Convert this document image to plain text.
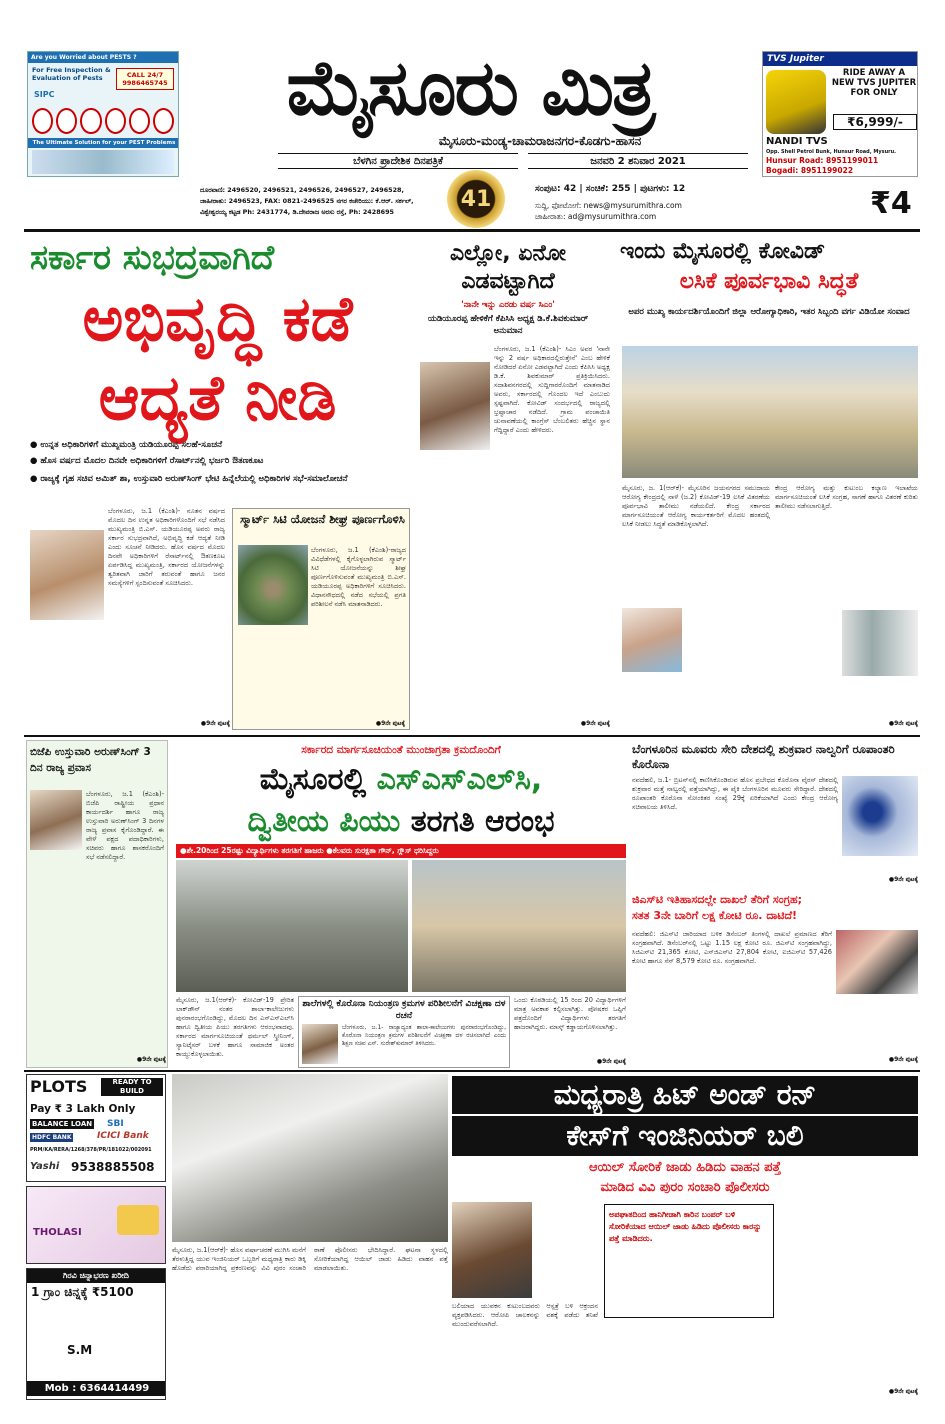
Are you Worried about PESTS ?
For Free Inspection & Evaluation of Pests	CALL 24/7 9986465745
SIPC
The Ultimate Solution for your PEST Problems
ಮೈಸೂರು ಮಿತ್ರ
ಮೈಸೂರು-ಮಂಡ್ಯ-ಚಾಮರಾಜನಗರ-ಕೊಡಗು-ಹಾಸನ
ಬೆಳಗಿನ ಪ್ರಾದೇಶಿಕ ದಿನಪತ್ರಿಕೆ	ಜನವರಿ 2 ಶನಿವಾರ 2021
ದೂರವಾಣಿ: 2496520, 2496521, 2496526, 2496527, 2496528,
ಜಾಹೀರಾತು: 2496523, FAX: 0821-2496525 ನಗರ ಕಚೇರಿಯು: ಕೆ.ಆರ್. ಸರ್ಕಲ್,
ವಿಶ್ವೇಶ್ವರಯ್ಯ ಕಟ್ಟಡ Ph: 2431774, ಡಿ.ದೇವರಾಜ ಅರಸು ರಸ್ತೆ, Ph: 2428695
41	ಸಂಪುಟ: 42 | ಸಂಚಿಕೆ: 255 | ಪುಟಗಳು: 12
ಸುದ್ದಿ, ಫೋಟೋಗೆ: news@mysurumithra.com
ಜಾಹೀರಾತು: ad@mysurumithra.com	₹4
TVS Jupiter
RIDE AWAY A NEW TVS JUPITER FOR ONLY
₹6,999/-
NANDI TVS
Opp. Shell Petrol Bunk, Hunsur Road, Mysuru.
Hunsur Road: 8951199011
Bogadi: 8951199022
ಸರ್ಕಾರ ಸುಭದ್ರವಾಗಿದೆ
ಅಭಿವೃದ್ಧಿ ಕಡೆ
ಆದ್ಯತೆ ನೀಡಿ
● ಉನ್ನತ ಅಧಿಕಾರಿಗಳಿಗೆ ಮುಖ್ಯಮಂತ್ರಿ ಯಡಿಯೂರಪ್ಪ ಸಲಹೆ-ಸೂಚನೆ
● ಹೊಸ ವರ್ಷದ ಮೊದಲ ದಿನವೇ ಅಧಿಕಾರಿಗಳಿಗೆ ರೆಸಾರ್ಟ್‌ನಲ್ಲಿ ಭರ್ಜರಿ ಔತಣಕೂಟ
● ರಾಜ್ಯಕ್ಕೆ ಗೃಹ ಸಚಿವ ಅಮಿತ್ ಶಾ, ಉಸ್ತುವಾರಿ ಅರುಣ್‌ಸಿಂಗ್ ಭೇಟಿ ಹಿನ್ನೆಲೆಯಲ್ಲಿ ಅಧಿಕಾರಿಗಳ ಸಭೆ-ಸಮಾಲೋಚನೆ
ಬೆಂಗಳೂರು, ಜ.1 (ಕೆಎಂಶಿ)- ನೂತನ ವರ್ಷದ ಮೊದಲ ದಿನ ಉನ್ನತ ಅಧಿಕಾರಿಗಳೊಂದಿಗೆ ಸಭೆ ನಡೆಸಿದ ಮುಖ್ಯಮಂತ್ರಿ ಬಿ.ಎಸ್. ಯಡಿಯೂರಪ್ಪ ಅವರು ರಾಜ್ಯ ಸರ್ಕಾರ ಸುಭದ್ರವಾಗಿದೆ, ಅಭಿವೃದ್ಧಿ ಕಡೆ ಆದ್ಯತೆ ನೀಡಿ ಎಂದು ಸೂಚನೆ ನೀಡಿದರು. ಹೊಸ ವರ್ಷದ ಮೊದಲ ದಿನವೇ ಅಧಿಕಾರಿಗಳಿಗೆ ರೆಸಾರ್ಟ್‌ನಲ್ಲಿ ಔತಣಕೂಟ ಏರ್ಪಡಿಸಿದ್ದ ಮುಖ್ಯಮಂತ್ರಿ, ಸರ್ಕಾರದ ಯೋಜನೆಗಳನ್ನು ತ್ವರಿತವಾಗಿ ಜಾರಿಗೆ ತರುವಂತೆ ಹಾಗೂ ಜನರ ಸಮಸ್ಯೆಗಳಿಗೆ ಸ್ಪಂದಿಸುವಂತೆ ಸೂಚಿಸಿದರು.
●9ನೇ ಪುಟಕ್ಕೆ
ಸ್ಮಾರ್ಟ್ ಸಿಟಿ ಯೋಜನೆ ಶೀಘ್ರ ಪೂರ್ಣಗೊಳಿಸಿ
ಬೆಂಗಳೂರು, ಜ.1 (ಕೆಎಂಶಿ)-ರಾಜ್ಯದ ವಿವಿಧೆಡೆಗಳಲ್ಲಿ ಕೈಗೊಳ್ಳಲಾಗಿರುವ ಸ್ಮಾರ್ಟ್ ಸಿಟಿ ಯೋಜನೆಯನ್ನು ಶೀಘ್ರ ಪೂರ್ಣಗೊಳಿಸುವಂತೆ ಮುಖ್ಯಮಂತ್ರಿ ಬಿ.ಎಸ್. ಯಡಿಯೂರಪ್ಪ ಅಧಿಕಾರಿಗಳಿಗೆ ಸೂಚಿಸಿದರು. ವಿಧಾನಸೌಧದಲ್ಲಿ ನಡೆದ ಸಭೆಯಲ್ಲಿ ಪ್ರಗತಿ ಪರಿಶೀಲನೆ ನಡೆಸಿ ಮಾತನಾಡಿದರು.
●9ನೇ ಪುಟಕ್ಕೆ
ಎಲ್ಲೋ, ಏನೋ ಎಡವಟ್ಟಾಗಿದೆ
'ನಾನೇ ಇನ್ನು ಎರಡು ವರ್ಷ ಸಿಎಂ'
ಯಡಿಯೂರಪ್ಪ ಹೇಳಿಕೆಗೆ ಕೆಪಿಸಿಸಿ ಅಧ್ಯಕ್ಷ ಡಿ.ಕೆ.ಶಿವಕುಮಾರ್ ಅನುಮಾನ
ಬೆಂಗಳೂರು, ಜ.1 (ಕೆಎಂಶಿ)- ಸಿಎಂ ಅವರ 'ನಾನೇ ಇನ್ನು 2 ವರ್ಷ ಅಧಿಕಾರದಲ್ಲಿರುತ್ತೇನೆ' ಎಂಬ ಹೇಳಿಕೆ ನೋಡಿದರೆ ಏನೋ ಎಡವಟ್ಟಾಗಿದೆ ಎಂದು ಕೆಪಿಸಿಸಿ ಅಧ್ಯಕ್ಷ ಡಿ.ಕೆ. ಶಿವಕುಮಾರ್ ಪ್ರತಿಕ್ರಿಯಿಸಿದರು. ಸದಾಶಿವನಗರದಲ್ಲಿ ಸುದ್ದಿಗಾರರೊಂದಿಗೆ ಮಾತನಾಡಿದ ಅವರು, ಸರ್ಕಾರದಲ್ಲಿ ಗೊಂದಲ ಇದೆ ಎಂಬುದು ಸ್ಪಷ್ಟವಾಗಿದೆ. ಕೋವಿಡ್ ಸಂದರ್ಭದಲ್ಲಿ ರಾಜ್ಯದಲ್ಲಿ ಭ್ರಷ್ಟಾಚಾರ ನಡೆದಿದೆ. ಗ್ರಾಮ ಪಂಚಾಯಿತಿ ಚುನಾವಣೆಯಲ್ಲಿ ಕಾಂಗ್ರೆಸ್ ಬೆಂಬಲಿತರು ಹೆಚ್ಚಿನ ಸ್ಥಾನ ಗೆದ್ದಿದ್ದಾರೆ ಎಂದು ಹೇಳಿದರು.
●9ನೇ ಪುಟಕ್ಕೆ
ಇಂದು ಮೈಸೂರಲ್ಲಿ ಕೋವಿಡ್
ಲಸಿಕೆ ಪೂರ್ವಭಾವಿ ಸಿದ್ಧತೆ
ಅಪರ ಮುಖ್ಯ ಕಾರ್ಯದರ್ಶಿಯೊಂದಿಗೆ ಜಿಲ್ಲಾ ಆರೋಗ್ಯಾಧಿಕಾರಿ, ಇತರ ಸಿಬ್ಬಂದಿ ವರ್ಗ ವಿಡಿಯೋ ಸಂವಾದ
ಮೈಸೂರು, ಜ. 1(ಆರ್‌ಕೆ)- ಮೈಸೂರಿನ ಜಯನಗರದ ಸಮುದಾಯ ಆರೋಗ್ಯ ಕೇಂದ್ರದಲ್ಲಿ ನಾಳೆ (ಜ.2) ಕೋವಿಡ್-19 ಲಸಿಕೆ ವಿತರಣೆಯ ಪೂರ್ವಭಾವಿ ತಾಲೀಮು ನಡೆಯಲಿದೆ. ಕೇಂದ್ರ ಸರ್ಕಾರದ ಮಾರ್ಗಸೂಚಿಯಂತೆ ಆರೋಗ್ಯ ಕಾರ್ಯಕರ್ತರಿಗೆ ಮೊದಲ ಹಂತದಲ್ಲಿ ಲಸಿಕೆ ನೀಡಲು ಸಿದ್ಧತೆ ಮಾಡಿಕೊಳ್ಳಲಾಗಿದೆ.
ಕೇಂದ್ರ ಆರೋಗ್ಯ ಮತ್ತು ಕುಟುಂಬ ಕಲ್ಯಾಣ ಇಲಾಖೆಯ ಮಾರ್ಗಸೂಚಿಯಂತೆ ಲಸಿಕೆ ಸಂಗ್ರಹ, ಸಾಗಣೆ ಹಾಗೂ ವಿತರಣೆ ಕುರಿತು ತಾಲೀಮು ನಡೆಸಲಾಗುತ್ತಿದೆ.
●9ನೇ ಪುಟಕ್ಕೆ
ಬಿಜೆಪಿ ಉಸ್ತುವಾರಿ ಅರುಣ್‌ಸಿಂಗ್ 3 ದಿನ ರಾಜ್ಯ ಪ್ರವಾಸ
ಬೆಂಗಳೂರು, ಜ.1 (ಕೆಎಂಶಿ)- ಬಿಜೆಪಿ ರಾಷ್ಟ್ರೀಯ ಪ್ರಧಾನ ಕಾರ್ಯದರ್ಶಿ ಹಾಗೂ ರಾಜ್ಯ ಉಸ್ತುವಾರಿ ಅರುಣ್‌ಸಿಂಗ್ 3 ದಿನಗಳ ರಾಜ್ಯ ಪ್ರವಾಸ ಕೈಗೊಂಡಿದ್ದಾರೆ. ಈ ವೇಳೆ ಪಕ್ಷದ ಪದಾಧಿಕಾರಿಗಳು, ಸಚಿವರು ಹಾಗೂ ಶಾಸಕರೊಂದಿಗೆ ಸಭೆ ನಡೆಸಲಿದ್ದಾರೆ.
●9ನೇ ಪುಟಕ್ಕೆ
ಸರ್ಕಾರದ ಮಾರ್ಗಸೂಚಿಯಂತೆ ಮುಂಜಾಗ್ರತಾ ಕ್ರಮದೊಂದಿಗೆ
ಮೈಸೂರಲ್ಲಿ ಎಸ್‌ಎಸ್‌ಎಲ್‌ಸಿ,
ದ್ವಿತೀಯ ಪಿಯು ತರಗತಿ ಆರಂಭ
●ಶೇ.20ರಿಂದ 25ರಷ್ಟು ವಿದ್ಯಾರ್ಥಿಗಳು ತರಗತಿಗೆ ಹಾಜರು ●ಕೆಲವರು ಸುರಕ್ಷತಾ ಗೌನ್, ಗ್ಲೌಸ್ ಧರಿಸಿದ್ದರು
ಮೈಸೂರು, ಜ.1(ಆರ್‌ಕೆ)- ಕೋವಿಡ್-19 ಪ್ರೇರಿತ ಲಾಕ್‌ಡೌನ್ ನಂತರ ಶಾಲಾ-ಕಾಲೇಜುಗಳು ಪುನರಾರಂಭಗೊಂಡಿದ್ದು, ಮೊದಲ ದಿನ ಎಸ್‌ಎಸ್‌ಎಲ್‌ಸಿ ಹಾಗೂ ದ್ವಿತೀಯ ಪಿಯು ತರಗತಿಗಳು ಆರಂಭವಾದವು. ಸರ್ಕಾರದ ಮಾರ್ಗಸೂಚಿಯಂತೆ ಥರ್ಮಲ್ ಸ್ಕ್ರೀನಿಂಗ್, ಸ್ಯಾನಿಟೈಸರ್ ಬಳಕೆ ಹಾಗೂ ಸಾಮಾಜಿಕ ಅಂತರ ಕಾಯ್ದುಕೊಳ್ಳಲಾಯಿತು.
ಶಾಲೆಗಳಲ್ಲಿ ಕೊರೊನಾ ನಿಯಂತ್ರಣ ಕ್ರಮಗಳ ಪರಿಶೀಲನೆಗೆ ವಿಚಕ್ಷಣಾ ದಳ ರಚನೆ
ಬೆಂಗಳೂರು, ಜ.1- ರಾಜ್ಯಾದ್ಯಂತ ಶಾಲಾ-ಕಾಲೇಜುಗಳು ಪುನರಾರಂಭಗೊಂಡಿದ್ದು, ಕೊರೊನಾ ನಿಯಂತ್ರಣ ಕ್ರಮಗಳ ಪರಿಶೀಲನೆಗೆ ವಿಚಕ್ಷಣಾ ದಳ ರಚಿಸಲಾಗಿದೆ ಎಂದು ಶಿಕ್ಷಣ ಸಚಿವ ಎಸ್. ಸುರೇಶ್‌ಕುಮಾರ್ ತಿಳಿಸಿದರು.
ಒಂದು ಕೊಠಡಿಯಲ್ಲಿ 15 ರಿಂದ 20 ವಿದ್ಯಾರ್ಥಿಗಳಿಗೆ ಮಾತ್ರ ಅವಕಾಶ ಕಲ್ಪಿಸಲಾಗಿತ್ತು. ಪೋಷಕರ ಒಪ್ಪಿಗೆ ಪತ್ರದೊಂದಿಗೆ ವಿದ್ಯಾರ್ಥಿಗಳು ತರಗತಿಗೆ ಹಾಜರಾಗಿದ್ದರು. ಮಾಸ್ಕ್ ಕಡ್ಡಾಯಗೊಳಿಸಲಾಗಿತ್ತು.
●9ನೇ ಪುಟಕ್ಕೆ
ಬೆಂಗಳೂರಿನ ಮೂವರು ಸೇರಿ ದೇಶದಲ್ಲಿ ಶುಕ್ರವಾರ ನಾಲ್ವರಿಗೆ ರೂಪಾಂತರಿ ಕೊರೊನಾ
ನವದೆಹಲಿ, ಜ.1- ಬ್ರಿಟನ್‌ನಲ್ಲಿ ಕಾಣಿಸಿಕೊಂಡಿರುವ ಹೊಸ ಪ್ರಬೇಧದ ಕೊರೊನಾ ವೈರಸ್ ದೇಶದಲ್ಲಿ ಶುಕ್ರವಾರ ಮತ್ತೆ ನಾಲ್ವರಲ್ಲಿ ಪತ್ತೆಯಾಗಿದ್ದು, ಈ ಪೈಕಿ ಬೆಂಗಳೂರಿನ ಮೂವರು ಸೇರಿದ್ದಾರೆ. ದೇಶದಲ್ಲಿ ರೂಪಾಂತರಿ ಕೊರೊನಾ ಸೋಂಕಿತರ ಸಂಖ್ಯೆ 29ಕ್ಕೆ ಏರಿಕೆಯಾಗಿದೆ ಎಂದು ಕೇಂದ್ರ ಆರೋಗ್ಯ ಸಚಿವಾಲಯ ತಿಳಿಸಿದೆ.
●9ನೇ ಪುಟಕ್ಕೆ
ಜಿಎಸ್‌ಟಿ ಇತಿಹಾಸದಲ್ಲೇ ದಾಖಲೆ ತೆರಿಗೆ ಸಂಗ್ರಹ;
ಸತತ 3ನೇ ಬಾರಿಗೆ ಲಕ್ಷ ಕೋಟಿ ರೂ. ದಾಟಿದೆ!
ನವದೆಹಲಿ: ಜಿಎಸ್‌ಟಿ ಜಾರಿಯಾದ ಬಳಿಕ ಡಿಸೆಂಬರ್ ತಿಂಗಳಲ್ಲಿ ದಾಖಲೆ ಪ್ರಮಾಣದ ತೆರಿಗೆ ಸಂಗ್ರಹವಾಗಿದೆ. ಡಿಸೆಂಬರ್‌ನಲ್ಲಿ ಒಟ್ಟು 1.15 ಲಕ್ಷ ಕೋಟಿ ರೂ. ಜಿಎಸ್‌ಟಿ ಸಂಗ್ರಹವಾಗಿದ್ದು, ಸಿಜಿಎಸ್‌ಟಿ 21,365 ಕೋಟಿ, ಎಸ್‌ಜಿಎಸ್‌ಟಿ 27,804 ಕೋಟಿ, ಐಜಿಎಸ್‌ಟಿ 57,426 ಕೋಟಿ ಹಾಗೂ ಸೆಸ್ 8,579 ಕೋಟಿ ರೂ. ಸಂಗ್ರಹವಾಗಿದೆ.
●9ನೇ ಪುಟಕ್ಕೆ
PLOTS	READY TO BUILD
Pay ₹ 3 Lakh Only
BALANCE LOAN SBI
HDFC BANK	ICICI Bank
PRM/KA/RERA/1268/378/PR/181022/002091
Yashi 9538885508
THOLASI
ಗಿರವಿ ಚಿನ್ನಾಭರಣ ಖರೀದಿ
1 ಗ್ರಾಂ ಚಿನ್ನಕ್ಕೆ ₹5100
S.M
Mob : 6364414499
ಮಧ್ಯರಾತ್ರಿ ಹಿಟ್ ಅಂಡ್ ರನ್
ಕೇಸ್‌ಗೆ ಇಂಜಿನಿಯರ್ ಬಲಿ
ಆಯಿಲ್ ಸೋರಿಕೆ ಜಾಡು ಹಿಡಿದು ವಾಹನ ಪತ್ತೆ
ಮಾಡಿದ ವಿವಿ ಪುರಂ ಸಂಚಾರಿ ಪೊಲೀಸರು
ಮೈಸೂರು, ಜ.1(ಆರ್‌ಕೆ)- ಹೊಸ ವರ್ಷಾಚರಣೆ ಮುಗಿಸಿ ಮನೆಗೆ ತೆರಳುತ್ತಿದ್ದ ಯುವ ಇಂಜಿನಿಯರ್ ಒಬ್ಬರಿಗೆ ಮಧ್ಯರಾತ್ರಿ ಕಾರು ಡಿಕ್ಕಿ ಹೊಡೆದು ಪರಾರಿಯಾಗಿದ್ದ ಪ್ರಕರಣವನ್ನು ವಿವಿ ಪುರಂ ಸಂಚಾರಿ ಠಾಣೆ ಪೊಲೀಸರು ಭೇದಿಸಿದ್ದಾರೆ. ಘಟನಾ ಸ್ಥಳದಲ್ಲಿ ಸೋರಿಕೆಯಾಗಿದ್ದ ಆಯಿಲ್ ಜಾಡು ಹಿಡಿದು ವಾಹನ ಪತ್ತೆ ಮಾಡಲಾಯಿತು.
ಬಲಿಯಾದ ಯುವಕನ ಕುಟುಂಬದವರು ಆಸ್ಪತ್ರೆ ಬಳಿ ಆಕ್ರಂದನ ವ್ಯಕ್ತಪಡಿಸಿದರು. ಆರೋಪಿ ಚಾಲಕನನ್ನು ವಶಕ್ಕೆ ಪಡೆದು ತನಿಖೆ ಮುಂದುವರೆಸಲಾಗಿದೆ.
ಅಪಘಾತದಿಂದ ಹಾನಿಗೀಡಾಗಿ ಕಾರಿನ ಬಂಪರ್ ಬಳಿ ಸೋರಿಕೆಯಾದ ಆಯಿಲ್ ಜಾಡು ಹಿಡಿದು ಪೊಲೀಸರು ಕಾರನ್ನು ಪತ್ತೆ ಮಾಡಿದರು.
●9ನೇ ಪುಟಕ್ಕೆ
